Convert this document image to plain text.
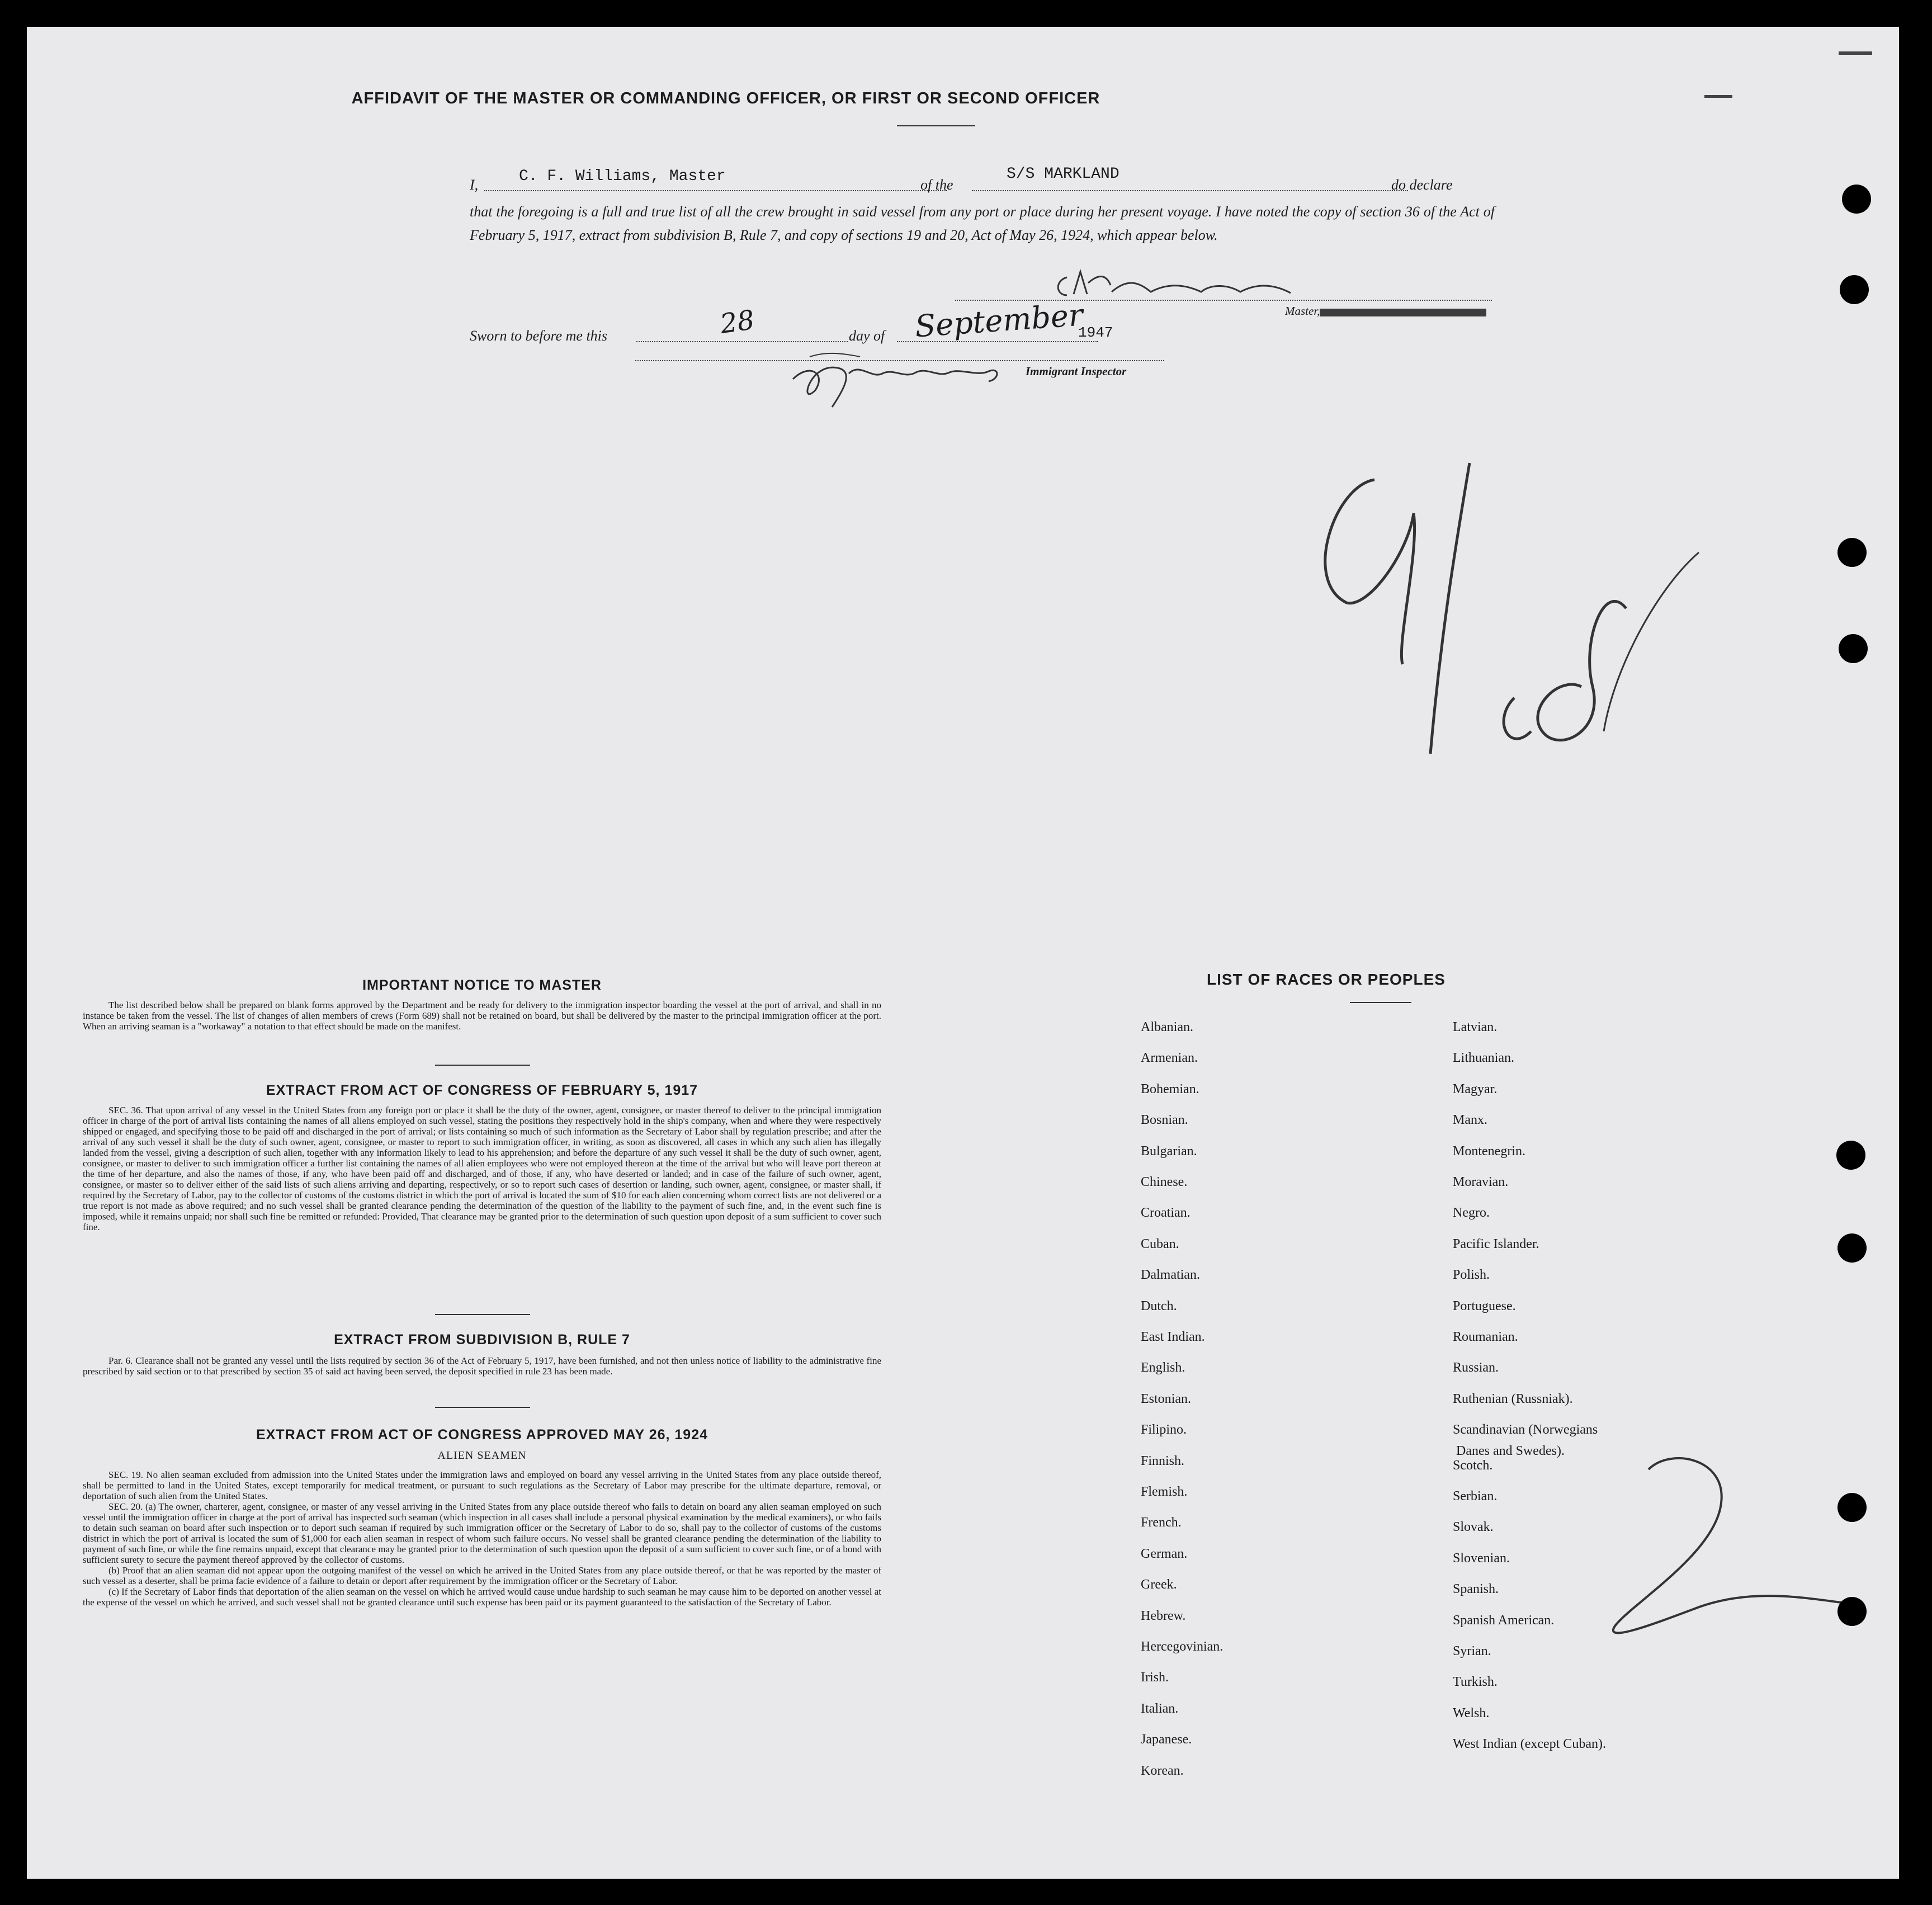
AFFIDAVIT OF THE MASTER OR COMMANDING OFFICER, OR FIRST OR SECOND OFFICER
I,	C. F. Williams, Master	of the
S/S MARKLAND
do declare
that the foregoing is a full and true list of all the crew brought in said vessel from any port or place during her present voyage. I have noted the copy of section 36 of the Act of February 5, 1917, extract from subdivision B, Rule 7, and copy of sections 19 and 20, Act of May 26, 1924, which appear below.
Master,
Sworn to before me this	28	day of September
1947
Immigrant Inspector
IMPORTANT NOTICE TO MASTER

The list described below shall be prepared on blank forms approved by the Department and be ready for delivery to the immigration inspector boarding the vessel at the port of arrival, and shall in no instance be taken from the vessel. The list of changes of alien members of crews (Form 689) shall not be retained on board, but shall be delivered by the master to the principal immigration officer at the port. When an arriving seaman is a "workaway" a notation to that effect should be made on the manifest.

EXTRACT FROM ACT OF CONGRESS OF FEBRUARY 5, 1917

SEC. 36. That upon arrival of any vessel in the United States from any foreign port or place it shall be the duty of the owner, agent, consignee, or master thereof to deliver to the principal immigration officer in charge of the port of arrival lists containing the names of all aliens employed on such vessel, stating the positions they respectively hold in the ship's company, when and where they were respectively shipped or engaged, and specifying those to be paid off and discharged in the port of arrival; or lists containing so much of such information as the Secretary of Labor shall by regulation prescribe; and after the arrival of any such vessel it shall be the duty of such owner, agent, consignee, or master to report to such immigration officer, in writing, as soon as discovered, all cases in which any such alien has illegally landed from the vessel, giving a description of such alien, together with any information likely to lead to his apprehension; and before the departure of any such vessel it shall be the duty of such owner, agent, consignee, or master to deliver to such immigration officer a further list containing the names of all alien employees who were not employed thereon at the time of the arrival but who will leave port thereon at the time of her departure, and also the names of those, if any, who have been paid off and discharged, and of those, if any, who have deserted or landed; and in case of the failure of such owner, agent, consignee, or master so to deliver either of the said lists of such aliens arriving and departing, respectively, or so to report such cases of desertion or landing, such owner, agent, consignee, or master shall, if required by the Secretary of Labor, pay to the collector of customs of the customs district in which the port of arrival is located the sum of $10 for each alien concerning whom correct lists are not delivered or a true report is not made as above required; and no such vessel shall be granted clearance pending the determination of the question of the liability to the payment of such fine, and, in the event such fine is imposed, while it remains unpaid; nor shall such fine be remitted or refunded: Provided, That clearance may be granted prior to the determination of such question upon deposit of a sum sufficient to cover such fine.

EXTRACT FROM SUBDIVISION B, RULE 7

Par. 6. Clearance shall not be granted any vessel until the lists required by section 36 of the Act of February 5, 1917, have been furnished, and not then unless notice of liability to the administrative fine prescribed by said section or to that prescribed by section 35 of said act having been served, the deposit specified in rule 23 has been made.

EXTRACT FROM ACT OF CONGRESS APPROVED MAY 26, 1924
ALIEN SEAMEN

SEC. 19. No alien seaman excluded from admission into the United States under the immigration laws and employed on board any vessel arriving in the United States from any place outside thereof, shall be permitted to land in the United States, except temporarily for medical treatment, or pursuant to such regulations as the Secretary of Labor may prescribe for the ultimate departure, removal, or deportation of such alien from the United States.

SEC. 20. (a) The owner, charterer, agent, consignee, or master of any vessel arriving in the United States from any place outside thereof who fails to detain on board any alien seaman employed on such vessel until the immigration officer in charge at the port of arrival has inspected such seaman (which inspection in all cases shall include a personal physical examination by the medical examiners), or who fails to detain such seaman on board after such inspection or to deport such seaman if required by such immigration officer or the Secretary of Labor to do so, shall pay to the collector of customs of the customs district in which the port of arrival is located the sum of $1,000 for each alien seaman in respect of whom such failure occurs. No vessel shall be granted clearance pending the determination of the liability to payment of such fine, or while the fine remains unpaid, except that clearance may be granted prior to the determination of such question upon the deposit of a sum sufficient to cover such fine, or of a bond with sufficient surety to secure the payment thereof approved by the collector of customs.

(b) Proof that an alien seaman did not appear upon the outgoing manifest of the vessel on which he arrived in the United States from any place outside thereof, or that he was reported by the master of such vessel as a deserter, shall be prima facie evidence of a failure to detain or deport after requirement by the immigration officer or the Secretary of Labor.

(c) If the Secretary of Labor finds that deportation of the alien seaman on the vessel on which he arrived would cause undue hardship to such seaman he may cause him to be deported on another vessel at the expense of the vessel on which he arrived, and such vessel shall not be granted clearance until such expense has been paid or its payment guaranteed to the satisfaction of the Secretary of Labor.

LIST OF RACES OR PEOPLES
Albanian.
Armenian.
Bohemian.
Bosnian.
Bulgarian.
Chinese.
Croatian.
Cuban.
Dalmatian.
Dutch.
East Indian.
English.
Estonian.
Filipino.
Finnish.
Flemish.
French.
German.
Greek.
Hebrew.
Hercegovinian.
Irish.
Italian.
Japanese.
Korean.
Latvian.
Lithuanian.
Magyar.
Manx.
Montenegrin.
Moravian.
Negro.
Pacific Islander.
Polish.
Portuguese.
Roumanian.
Russian.
Ruthenian (Russniak).
Scandinavian (Norwegians
Danes and Swedes).
Scotch.
Serbian.
Slovak.
Slovenian.
Spanish.
Spanish American.
Syrian.
Turkish.
Welsh.
West Indian (except Cuban).
